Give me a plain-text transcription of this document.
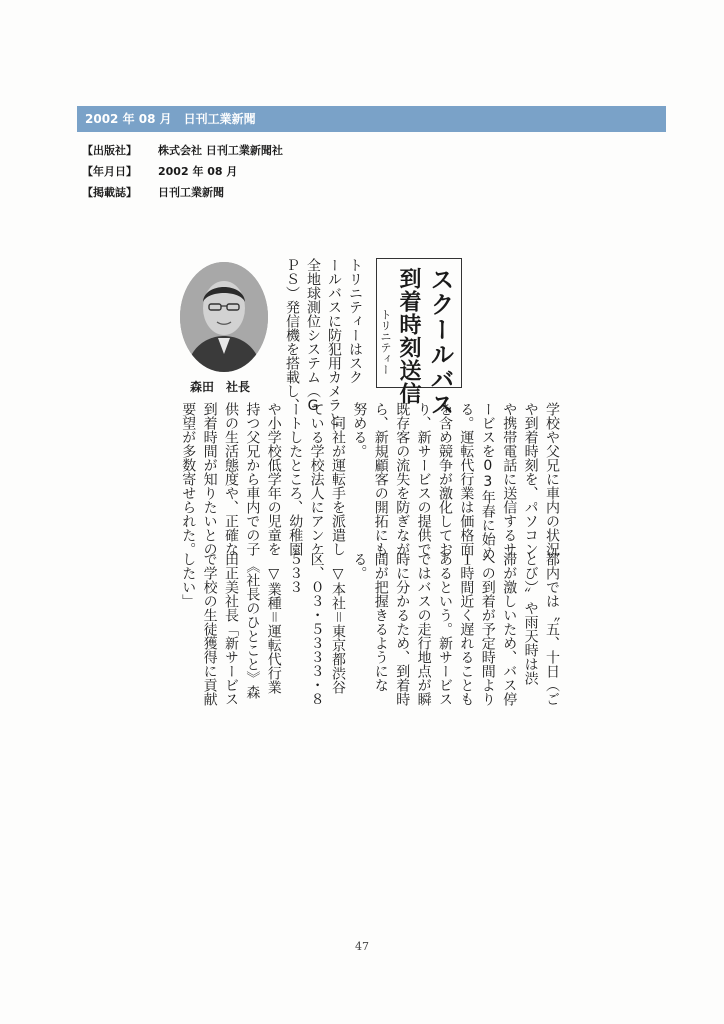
2002 年 08 月　日刊工業新聞
【出版社】 株式会社 日刊工業新聞社
【年月日】 2002 年 08 月
【掲載誌】 日刊工業新聞
スクールバス
到着時刻送信
トリニティー
トリニティーはスク
ールバスに防犯用カメラと
全地球測位システム（G
ＰＳ）発信機を搭載し、
森田　社長
学校や父兄に車内の状況
や到着時刻を、パソコン
や携帯電話に送信するサ
ービスを03年春に始め
る。運転代行業は価格面
を含め競争が激化してお
り、新サービスの提供で
既存客の流失を防ぎなが
ら、新規顧客の開拓にも
努める。
　同社が運転手を派遣し
ている学校法人にアンケ
ートしたところ、幼稚園
や小学校低学年の児童を
持つ父兄から車内での子
供の生活態度や、正確な
到着時間が知りたいとの
要望が多数寄せられた。
都内では〝五、十日（ご
とび）〟や雨天時は渋
滞が激しいため、バス停
への到着が予定時間より
１時間近く遅れることも
あるという。新サービス
ではバスの走行地点が瞬
時に分かるため、到着時
間が把握きるようにな
る。
　▽本社＝東京都渋谷
区、０３・５３３３・８
５３３
　▽業種＝運転代行業
　《社長のひとこと》森
田正美社長「新サービス
で学校の生徒獲得に貢献
したい」
47
